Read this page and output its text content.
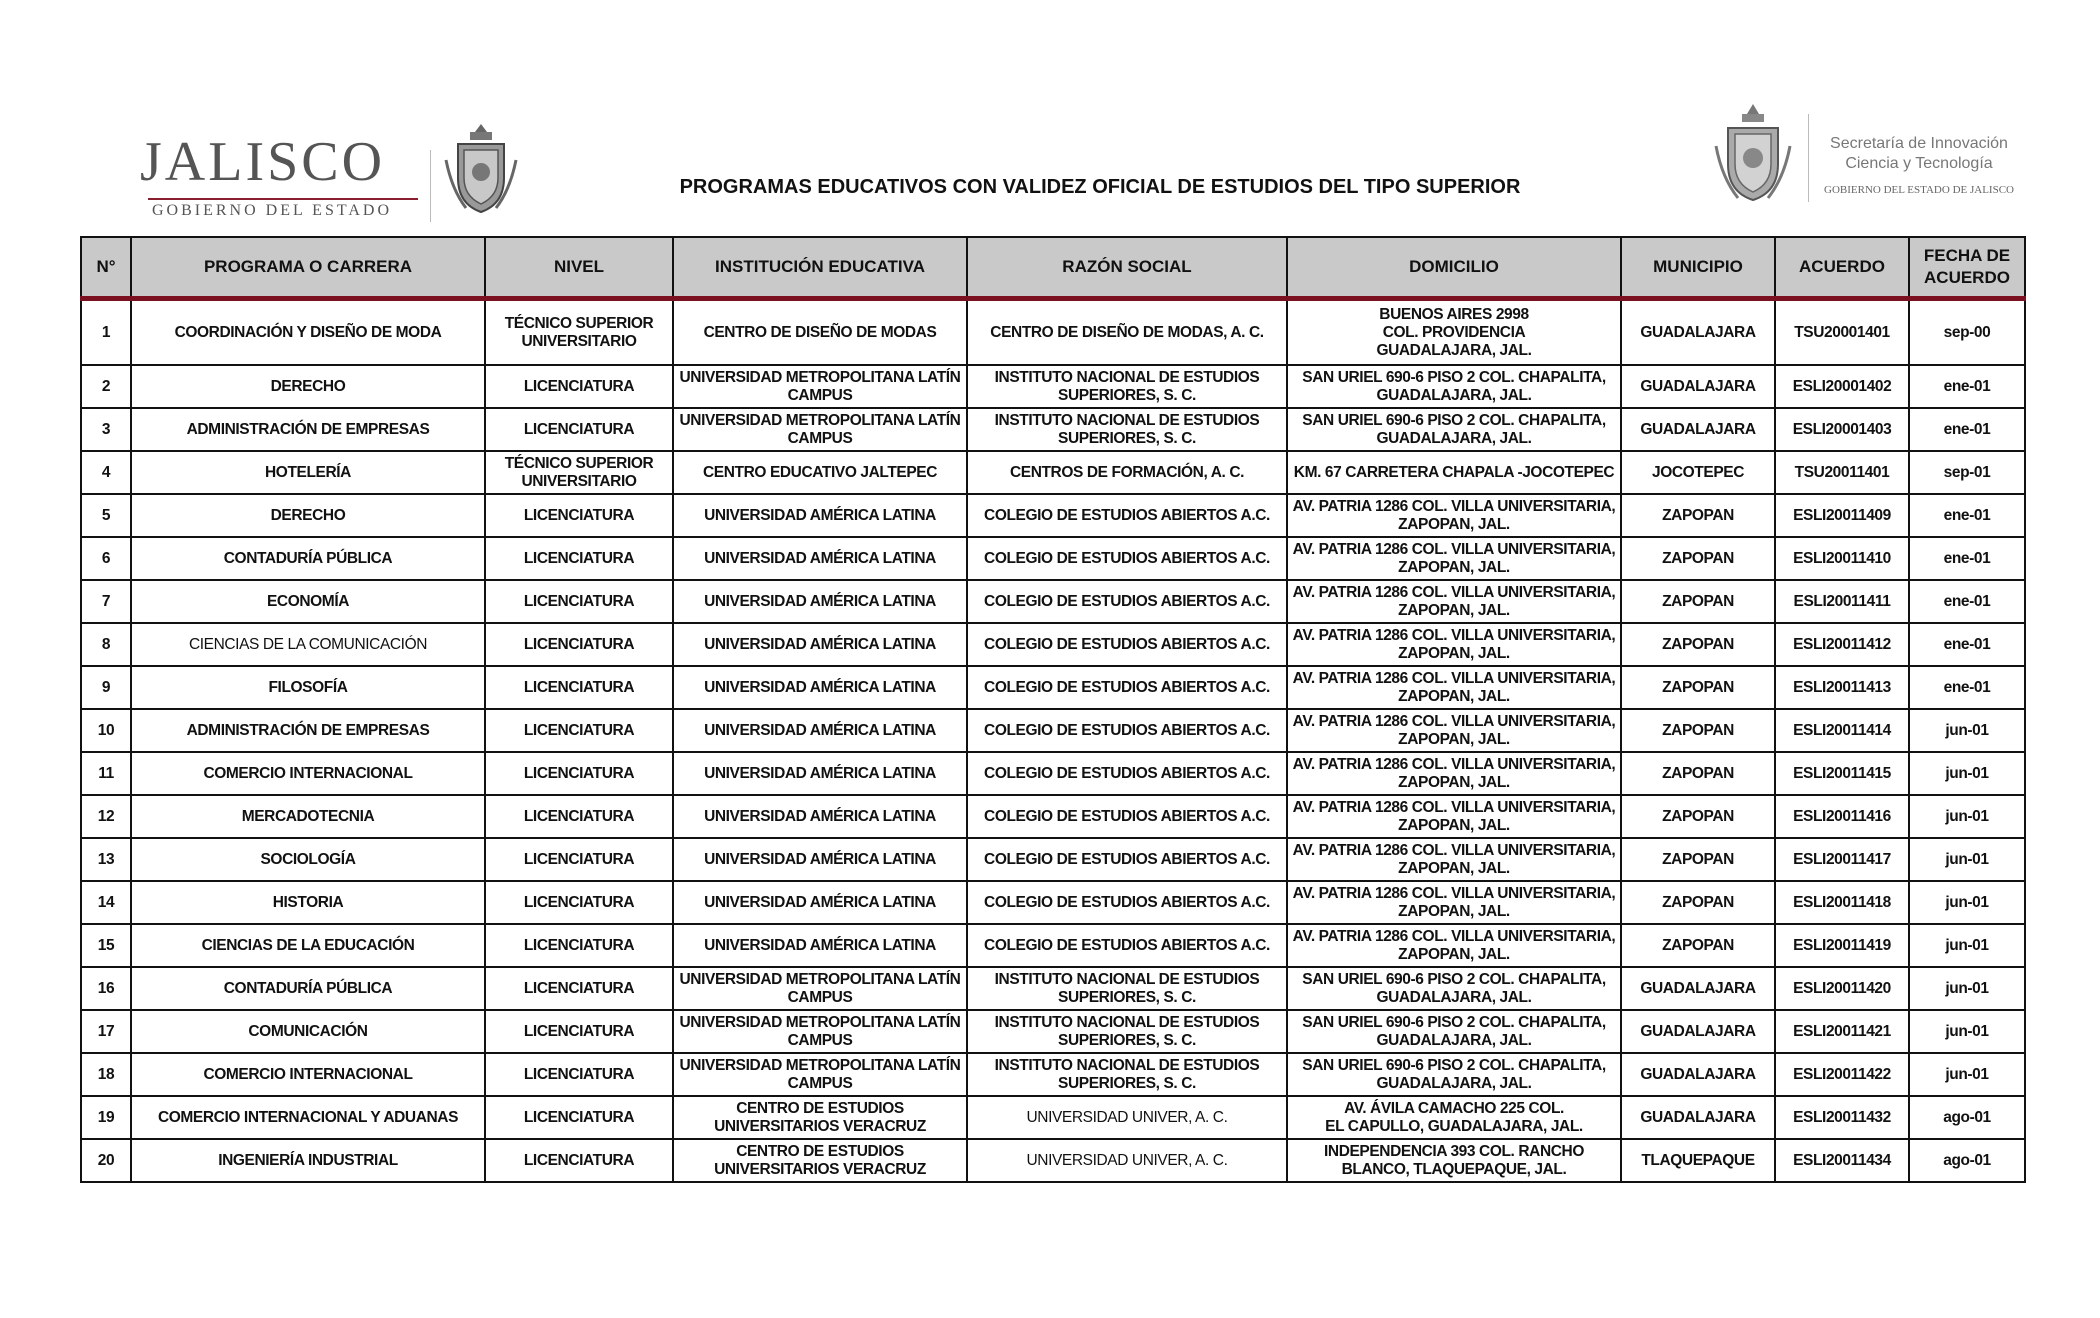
JALISCO
GOBIERNO DEL ESTADO
PROGRAMAS EDUCATIVOS CON VALIDEZ OFICIAL DE ESTUDIOS DEL TIPO SUPERIOR
Secretaría de Innovación
Ciencia y Tecnología
GOBIERNO DEL ESTADO DE JALISCO
N°	PROGRAMA O CARRERA	NIVEL	INSTITUCIÓN EDUCATIVA	RAZÓN SOCIAL	DOMICILIO	MUNICIPIO	ACUERDO	FECHA DE ACUERDO
1	COORDINACIÓN Y DISEÑO DE MODA	TÉCNICO SUPERIOR UNIVERSITARIO	CENTRO DE DISEÑO DE MODAS	CENTRO DE DISEÑO DE MODAS, A. C.	BUENOS AIRES 2998
COL. PROVIDENCIA
GUADALAJARA, JAL.	GUADALAJARA	TSU20001401	sep-00
2	DERECHO	LICENCIATURA	UNIVERSIDAD METROPOLITANA LATÍN CAMPUS	INSTITUTO NACIONAL DE ESTUDIOS SUPERIORES, S. C.	SAN URIEL 690-6 PISO 2 COL. CHAPALITA, GUADALAJARA, JAL.	GUADALAJARA	ESLI20001402	ene-01
3	ADMINISTRACIÓN DE EMPRESAS	LICENCIATURA	UNIVERSIDAD METROPOLITANA LATÍN CAMPUS	INSTITUTO NACIONAL DE ESTUDIOS SUPERIORES, S. C.	SAN URIEL 690-6 PISO 2 COL. CHAPALITA, GUADALAJARA, JAL.	GUADALAJARA	ESLI20001403	ene-01
4	HOTELERÍA	TÉCNICO SUPERIOR UNIVERSITARIO	CENTRO EDUCATIVO JALTEPEC	CENTROS DE FORMACIÓN, A. C.	KM. 67 CARRETERA CHAPALA -JOCOTEPEC	JOCOTEPEC	TSU20011401	sep-01
5	DERECHO	LICENCIATURA	UNIVERSIDAD AMÉRICA LATINA	COLEGIO DE ESTUDIOS ABIERTOS A.C.	AV. PATRIA 1286 COL. VILLA UNIVERSITARIA, ZAPOPAN, JAL.	ZAPOPAN	ESLI20011409	ene-01
6	CONTADURÍA PÚBLICA	LICENCIATURA	UNIVERSIDAD AMÉRICA LATINA	COLEGIO DE ESTUDIOS ABIERTOS A.C.	AV. PATRIA 1286 COL. VILLA UNIVERSITARIA, ZAPOPAN, JAL.	ZAPOPAN	ESLI20011410	ene-01
7	ECONOMÍA	LICENCIATURA	UNIVERSIDAD AMÉRICA LATINA	COLEGIO DE ESTUDIOS ABIERTOS A.C.	AV. PATRIA 1286 COL. VILLA UNIVERSITARIA, ZAPOPAN, JAL.	ZAPOPAN	ESLI20011411	ene-01
8	CIENCIAS DE LA COMUNICACIÓN	LICENCIATURA	UNIVERSIDAD AMÉRICA LATINA	COLEGIO DE ESTUDIOS ABIERTOS A.C.	AV. PATRIA 1286 COL. VILLA UNIVERSITARIA, ZAPOPAN, JAL.	ZAPOPAN	ESLI20011412	ene-01
9	FILOSOFÍA	LICENCIATURA	UNIVERSIDAD AMÉRICA LATINA	COLEGIO DE ESTUDIOS ABIERTOS A.C.	AV. PATRIA 1286 COL. VILLA UNIVERSITARIA, ZAPOPAN, JAL.	ZAPOPAN	ESLI20011413	ene-01
10	ADMINISTRACIÓN DE EMPRESAS	LICENCIATURA	UNIVERSIDAD AMÉRICA LATINA	COLEGIO DE ESTUDIOS ABIERTOS A.C.	AV. PATRIA 1286 COL. VILLA UNIVERSITARIA, ZAPOPAN, JAL.	ZAPOPAN	ESLI20011414	jun-01
11	COMERCIO INTERNACIONAL	LICENCIATURA	UNIVERSIDAD AMÉRICA LATINA	COLEGIO DE ESTUDIOS ABIERTOS A.C.	AV. PATRIA 1286 COL. VILLA UNIVERSITARIA, ZAPOPAN, JAL.	ZAPOPAN	ESLI20011415	jun-01
12	MERCADOTECNIA	LICENCIATURA	UNIVERSIDAD AMÉRICA LATINA	COLEGIO DE ESTUDIOS ABIERTOS A.C.	AV. PATRIA 1286 COL. VILLA UNIVERSITARIA, ZAPOPAN, JAL.	ZAPOPAN	ESLI20011416	jun-01
13	SOCIOLOGÍA	LICENCIATURA	UNIVERSIDAD AMÉRICA LATINA	COLEGIO DE ESTUDIOS ABIERTOS A.C.	AV. PATRIA 1286 COL. VILLA UNIVERSITARIA, ZAPOPAN, JAL.	ZAPOPAN	ESLI20011417	jun-01
14	HISTORIA	LICENCIATURA	UNIVERSIDAD AMÉRICA LATINA	COLEGIO DE ESTUDIOS ABIERTOS A.C.	AV. PATRIA 1286 COL. VILLA UNIVERSITARIA, ZAPOPAN, JAL.	ZAPOPAN	ESLI20011418	jun-01
15	CIENCIAS DE LA EDUCACIÓN	LICENCIATURA	UNIVERSIDAD AMÉRICA LATINA	COLEGIO DE ESTUDIOS ABIERTOS A.C.	AV. PATRIA 1286 COL. VILLA UNIVERSITARIA, ZAPOPAN, JAL.	ZAPOPAN	ESLI20011419	jun-01
16	CONTADURÍA PÚBLICA	LICENCIATURA	UNIVERSIDAD METROPOLITANA LATÍN CAMPUS	INSTITUTO NACIONAL DE ESTUDIOS SUPERIORES, S. C.	SAN URIEL 690-6 PISO 2 COL. CHAPALITA, GUADALAJARA, JAL.	GUADALAJARA	ESLI20011420	jun-01
17	COMUNICACIÓN	LICENCIATURA	UNIVERSIDAD METROPOLITANA LATÍN CAMPUS	INSTITUTO NACIONAL DE ESTUDIOS SUPERIORES, S. C.	SAN URIEL 690-6 PISO 2 COL. CHAPALITA, GUADALAJARA, JAL.	GUADALAJARA	ESLI20011421	jun-01
18	COMERCIO INTERNACIONAL	LICENCIATURA	UNIVERSIDAD METROPOLITANA LATÍN CAMPUS	INSTITUTO NACIONAL DE ESTUDIOS SUPERIORES, S. C.	SAN URIEL 690-6 PISO 2 COL. CHAPALITA, GUADALAJARA, JAL.	GUADALAJARA	ESLI20011422	jun-01
19	COMERCIO INTERNACIONAL Y ADUANAS	LICENCIATURA	CENTRO DE ESTUDIOS UNIVERSITARIOS VERACRUZ	UNIVERSIDAD UNIVER, A. C.	AV. ÁVILA CAMACHO 225 COL.
EL CAPULLO, GUADALAJARA, JAL.	GUADALAJARA	ESLI20011432	ago-01
20	INGENIERÍA INDUSTRIAL	LICENCIATURA	CENTRO DE ESTUDIOS UNIVERSITARIOS VERACRUZ	UNIVERSIDAD UNIVER, A. C.	INDEPENDENCIA 393 COL. RANCHO BLANCO, TLAQUEPAQUE, JAL.	TLAQUEPAQUE	ESLI20011434	ago-01
